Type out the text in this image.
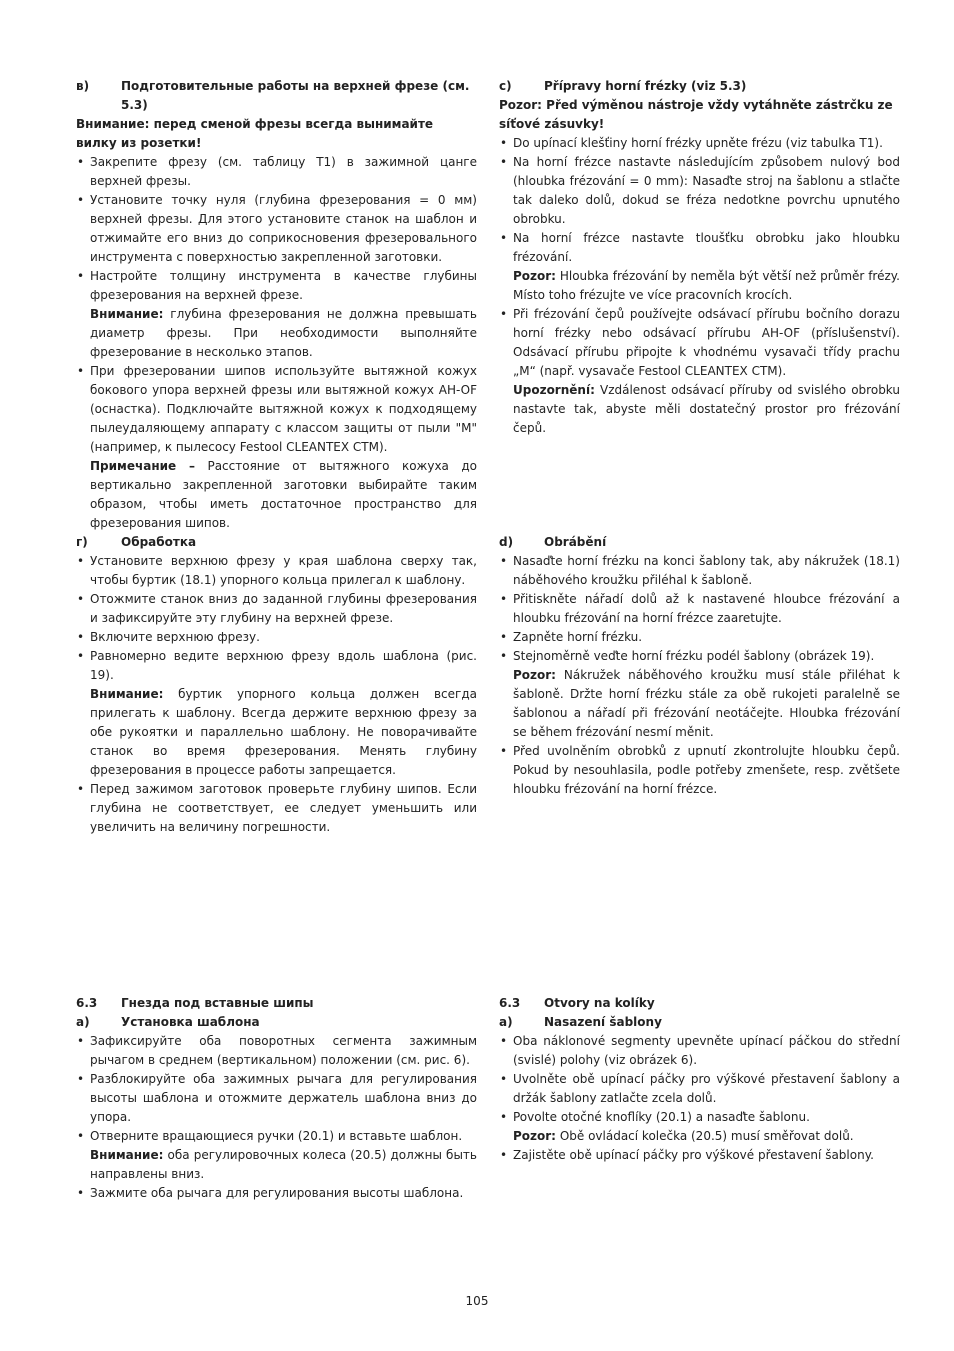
в)	Подготовительные работы на верхней фрезе (см. 5.3)
Внимание: перед сменой фрезы всегда вынимайте вилку из розетки!
• Закрепите фрезу (см. таблицу T1) в зажимной цанге верхней фрезы.
• Установите точку нуля (глубина фрезерования = 0 мм) верхней фрезы. Для этого установите станок на шаблон и отжимайте его вниз до соприкосновения фрезеровального инструмента с поверхностью закрепленной заготовки.
• Настройте толщину инструмента в качестве глубины фрезерования на верхней фрезе.
Внимание: глубина фрезерования не должна превышать диаметр фрезы. При необходимости выполняйте фрезерование в несколько этапов.
• При фрезеровании шипов используйте вытяжной кожух бокового упора верхней фрезы или вытяжной кожух AH-OF (оснастка). Подключайте вытяжной кожух к подходящему пылеудаляющему аппарату с классом защиты от пыли "M" (например, к пылесосу Festool CLEANTEX CTM).
Примечание – Расстояние от вытяжного кожуха до вертикально закрепленной заготовки выбирайте таким образом, чтобы иметь достаточное пространство для фрезерования шипов.
c)	Přípravy horní frézky (viz 5.3)
Pozor: Před výměnou nástroje vždy vytáhněte zástrčku ze síťové zásuvky!
• Do upínací klešťiny horní frézky upněte frézu (viz tabulka T1).
• Na horní frézce nastavte následujícím způsobem nulový bod (hloubka frézování = 0 mm): Nasaďte stroj na šablonu a stlačte tak daleko dolů, dokud se fréza nedotkne povrchu upnutého obrobku.
• Na horní frézce nastavte tloušťku obrobku jako hloubku frézování.
Pozor: Hloubka frézování by neměla být větší než průměr frézy. Místo toho frézujte ve více pracovních krocích.
• Při frézování čepů používejte odsávací přírubu bočního dorazu horní frézky nebo odsávací přírubu AH-OF (příslušenství). Odsávací přírubu připojte k vhodnému vysavači třídy prachu „M“ (např. vysavače Festool CLEANTEX CTM).
Upozornění: Vzdálenost odsávací příruby od svislého obrobku nastavte tak, abyste měli dostatečný prostor pro frézování čepů.
г)	Обработка
• Установите верхнюю фрезу у края шаблона сверху так, чтобы буртик (18.1) упорного кольца прилегал к шаблону.
• Отожмите станок вниз до заданной глубины фрезерования и зафиксируйте эту глубину на верхней фрезе.
• Включите верхнюю фрезу.
• Равномерно ведите верхнюю фрезу вдоль шаблона (рис. 19).
Внимание: буртик упорного кольца должен всегда прилегать к шаблону. Всегда держите верхнюю фрезу за обе рукоятки и параллельно шаблону. Не поворачивайте станок во время фрезерования. Менять глубину фрезерования в процессе работы запрещается.
• Перед зажимом заготовок проверьте глубину шипов. Если глубина не соответствует, ее следует уменьшить или увеличить на величину погрешности.
d)	Obrábění
• Nasaďte horní frézku na konci šablony tak, aby nákružek (18.1) náběhového kroužku přiléhal k šabloně.
• Přitiskněte nářadí dolů až k nastavené hloubce frézování a hloubku frézování na horní frézce zaaretujte.
• Zapněte horní frézku.
• Stejnoměrně veďte horní frézku podél šablony (obrázek 19).
Pozor: Nákružek náběhového kroužku musí stále přiléhat k šabloně. Držte horní frézku stále za obě rukojeti paralelně se šablonou a nářadí při frézování neotáčejte. Hloubka frézování se během frézování nesmí měnit.
• Před uvolněním obrobků z upnutí zkontrolujte hloubku čepů. Pokud by nesouhlasila, podle potřeby zmenšete, resp. zvětšete hloubku frézování na horní frézce.
6.3	Гнезда под вставные шипы
а)	Установка шаблона
• Зафиксируйте оба поворотных сегмента зажимным рычагом в среднем (вертикальном) положении (см. рис. 6).
• Разблокируйте оба зажимных рычага для регулирования высоты шаблона и отожмите держатель шаблона вниз до упора.
• Отверните вращающиеся ручки (20.1) и вставьте шаблон.
Внимание: оба регулировочных колеса (20.5) должны быть направлены вниз.
• Зажмите оба рычага для регулирования высоты шаблона.
6.3	Otvory na kolíky
a)	Nasazení šablony
• Oba náklonové segmenty upevněte upínací páčkou do střední (svislé) polohy (viz obrázek 6).
• Uvolněte obě upínací páčky pro výškové přestavení šablony a držák šablony zatlačte zcela dolů.
• Povolte otočné knoflíky (20.1) a nasaďte šablonu.
Pozor: Obě ovládací kolečka (20.5) musí směřovat dolů.
• Zajistěte obě upínací páčky pro výškové přestavení šablony.
105
